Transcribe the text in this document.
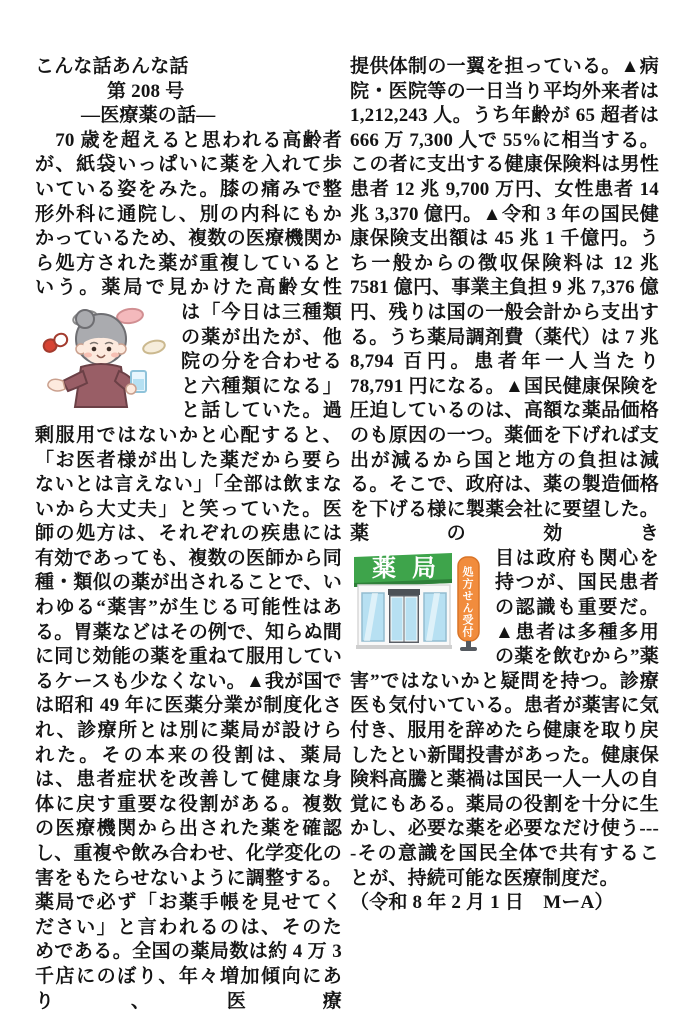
こんな話あんな話
第 208 号
―医療薬の話―
　70 歳を超えると思われる高齢者が、紙袋いっぱいに薬を入れて歩いている姿をみた。膝の痛みで整形外科に通院し、別の内科にもかかっているため、複数の医療機関から処方された薬が重複しているという。薬局で見かけた高齢女性
は「今日は三種類の薬が出たが、他院の分を合わせると六種類になる」と話していた。過剰服用ではないかと心配すると、「お医者様が出した薬だから要らないとは言えない」「全部は飲まないから大丈夫」と笑っていた。医師の処方は、それぞれの疾患には有効であっても、複数の医師から同種・類似の薬が出されることで、いわゆる“薬害”が生じる可能性はある。胃薬などはその例で、知らぬ間に同じ効能の薬を重ねて服用しているケースも少なくない。▲我が国では昭和 49 年に医薬分業が制度化され、診療所とは別に薬局が設けられた。その本来の役割は、薬局は、患者症状を改善して健康な身体に戻す重要な役割がある。複数の医療機関から出された薬を確認し、重複や飲み合わせ、化学変化の害をもたらせないように調整する。薬局で必ず「お薬手帳を見せてください」と言われるのは、そのためである。全国の薬局数は約 4 万 3 千店にのぼり、年々増加傾向にあり、医療
提供体制の一翼を担っている。▲病院・医院等の一日当り平均外来者は 1,212,243 人。うち年齢が 65 超者は 666 万 7,300 人で 55%に相当する。この者に支出する健康保険料は男性患者 12 兆 9,700 万円、女性患者 14 兆 3,370 億円。▲令和 3 年の国民健康保険支出額は 45 兆 1 千億円。うち一般からの徴収保険料は 12 兆 7581 億円、事業主負担 9 兆 7,376 億円、残りは国の一般会計から支出する。うち薬局調剤費（薬代）は 7 兆 8,794 百円。患者年一人当たり 78,791 円になる。▲国民健康保険を圧迫しているのは、高額な薬品価格のも原因の一つ。薬価を下げれば支出が減るから国と地方の負担は減る。そこで、政府は、薬の製造価格を下げる様に製薬会社に要望した。薬の効き
薬局 処方せん受付
目は政府も関心を持つが、国民患者の認識も重要だ。▲患者は多種多用の薬を飲むから”薬害”ではないかと疑問を持つ。診療医も気付いている。患者が薬害に気付き、服用を辞めたら健康を取り戻したとい新聞投書があった。健康保険料高騰と薬禍は国民一人一人の自覚にもある。薬局の役割を十分に生かし、必要な薬を必要なだけ使う----その意識を国民全体で共有することが、持続可能な医療制度だ。
（令和 8 年 2 月 1 日　MーA）
